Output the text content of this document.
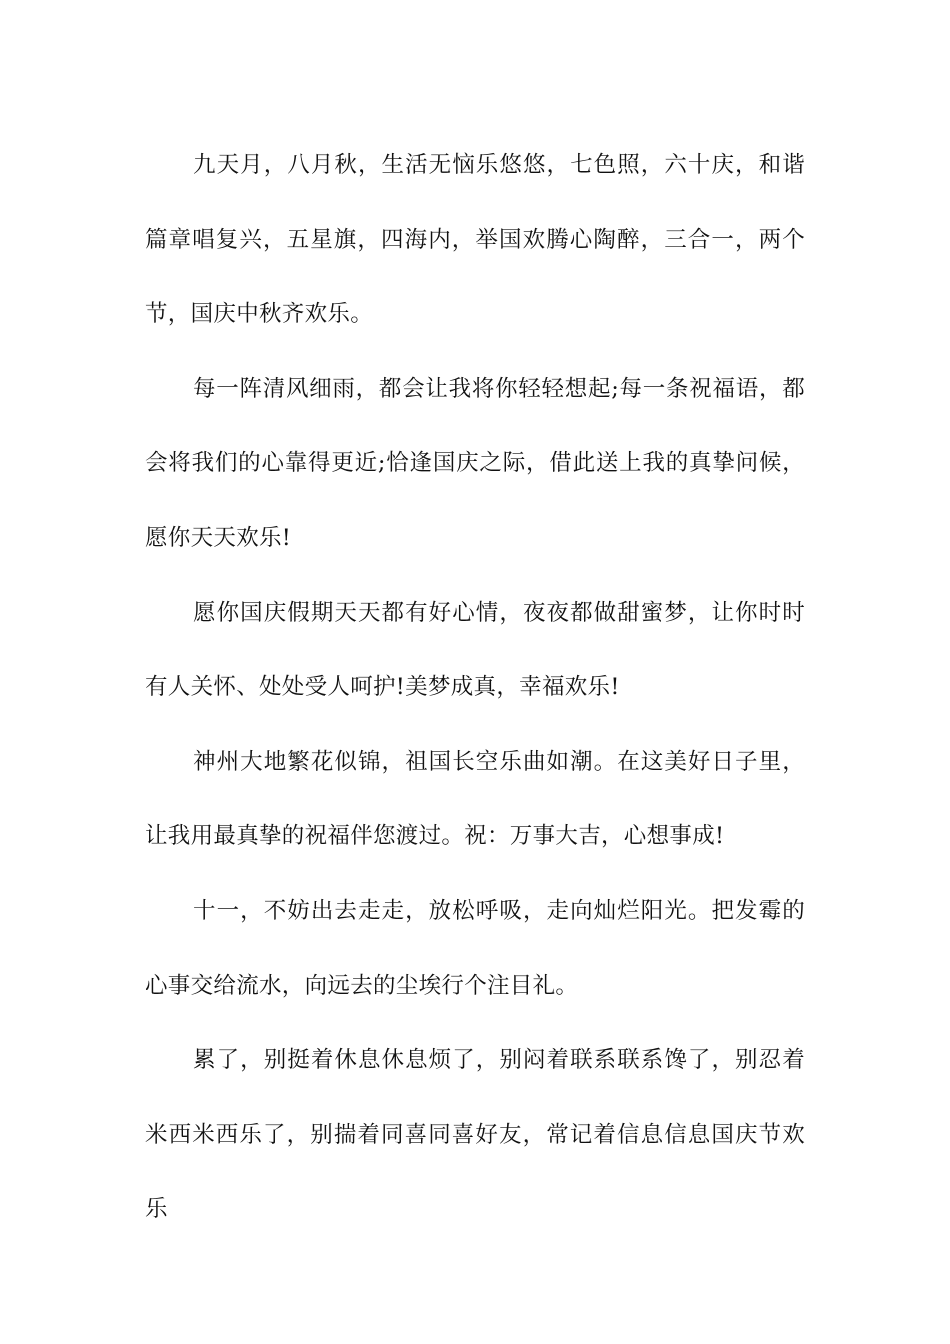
九天月，八月秋，生活无恼乐悠悠，七色照，六十庆，和谐篇章唱复兴，五星旗，四海内，举国欢腾心陶醉，三合一，两个节，国庆中秋齐欢乐。

每一阵清风细雨，都会让我将你轻轻想起;每一条祝福语，都会将我们的心靠得更近;恰逢国庆之际，借此送上我的真挚问候，愿你天天欢乐!

愿你国庆假期天天都有好心情，夜夜都做甜蜜梦，让你时时有人关怀、处处受人呵护!美梦成真，幸福欢乐!

神州大地繁花似锦，祖国长空乐曲如潮。在这美好日子里，让我用最真挚的祝福伴您渡过。祝：万事大吉，心想事成!

十一，不妨出去走走，放松呼吸，走向灿烂阳光。把发霉的心事交给流水，向远去的尘埃行个注目礼。

累了，别挺着休息休息烦了，别闷着联系联系馋了，别忍着米西米西乐了，别揣着同喜同喜好友，常记着信息信息国庆节欢乐
